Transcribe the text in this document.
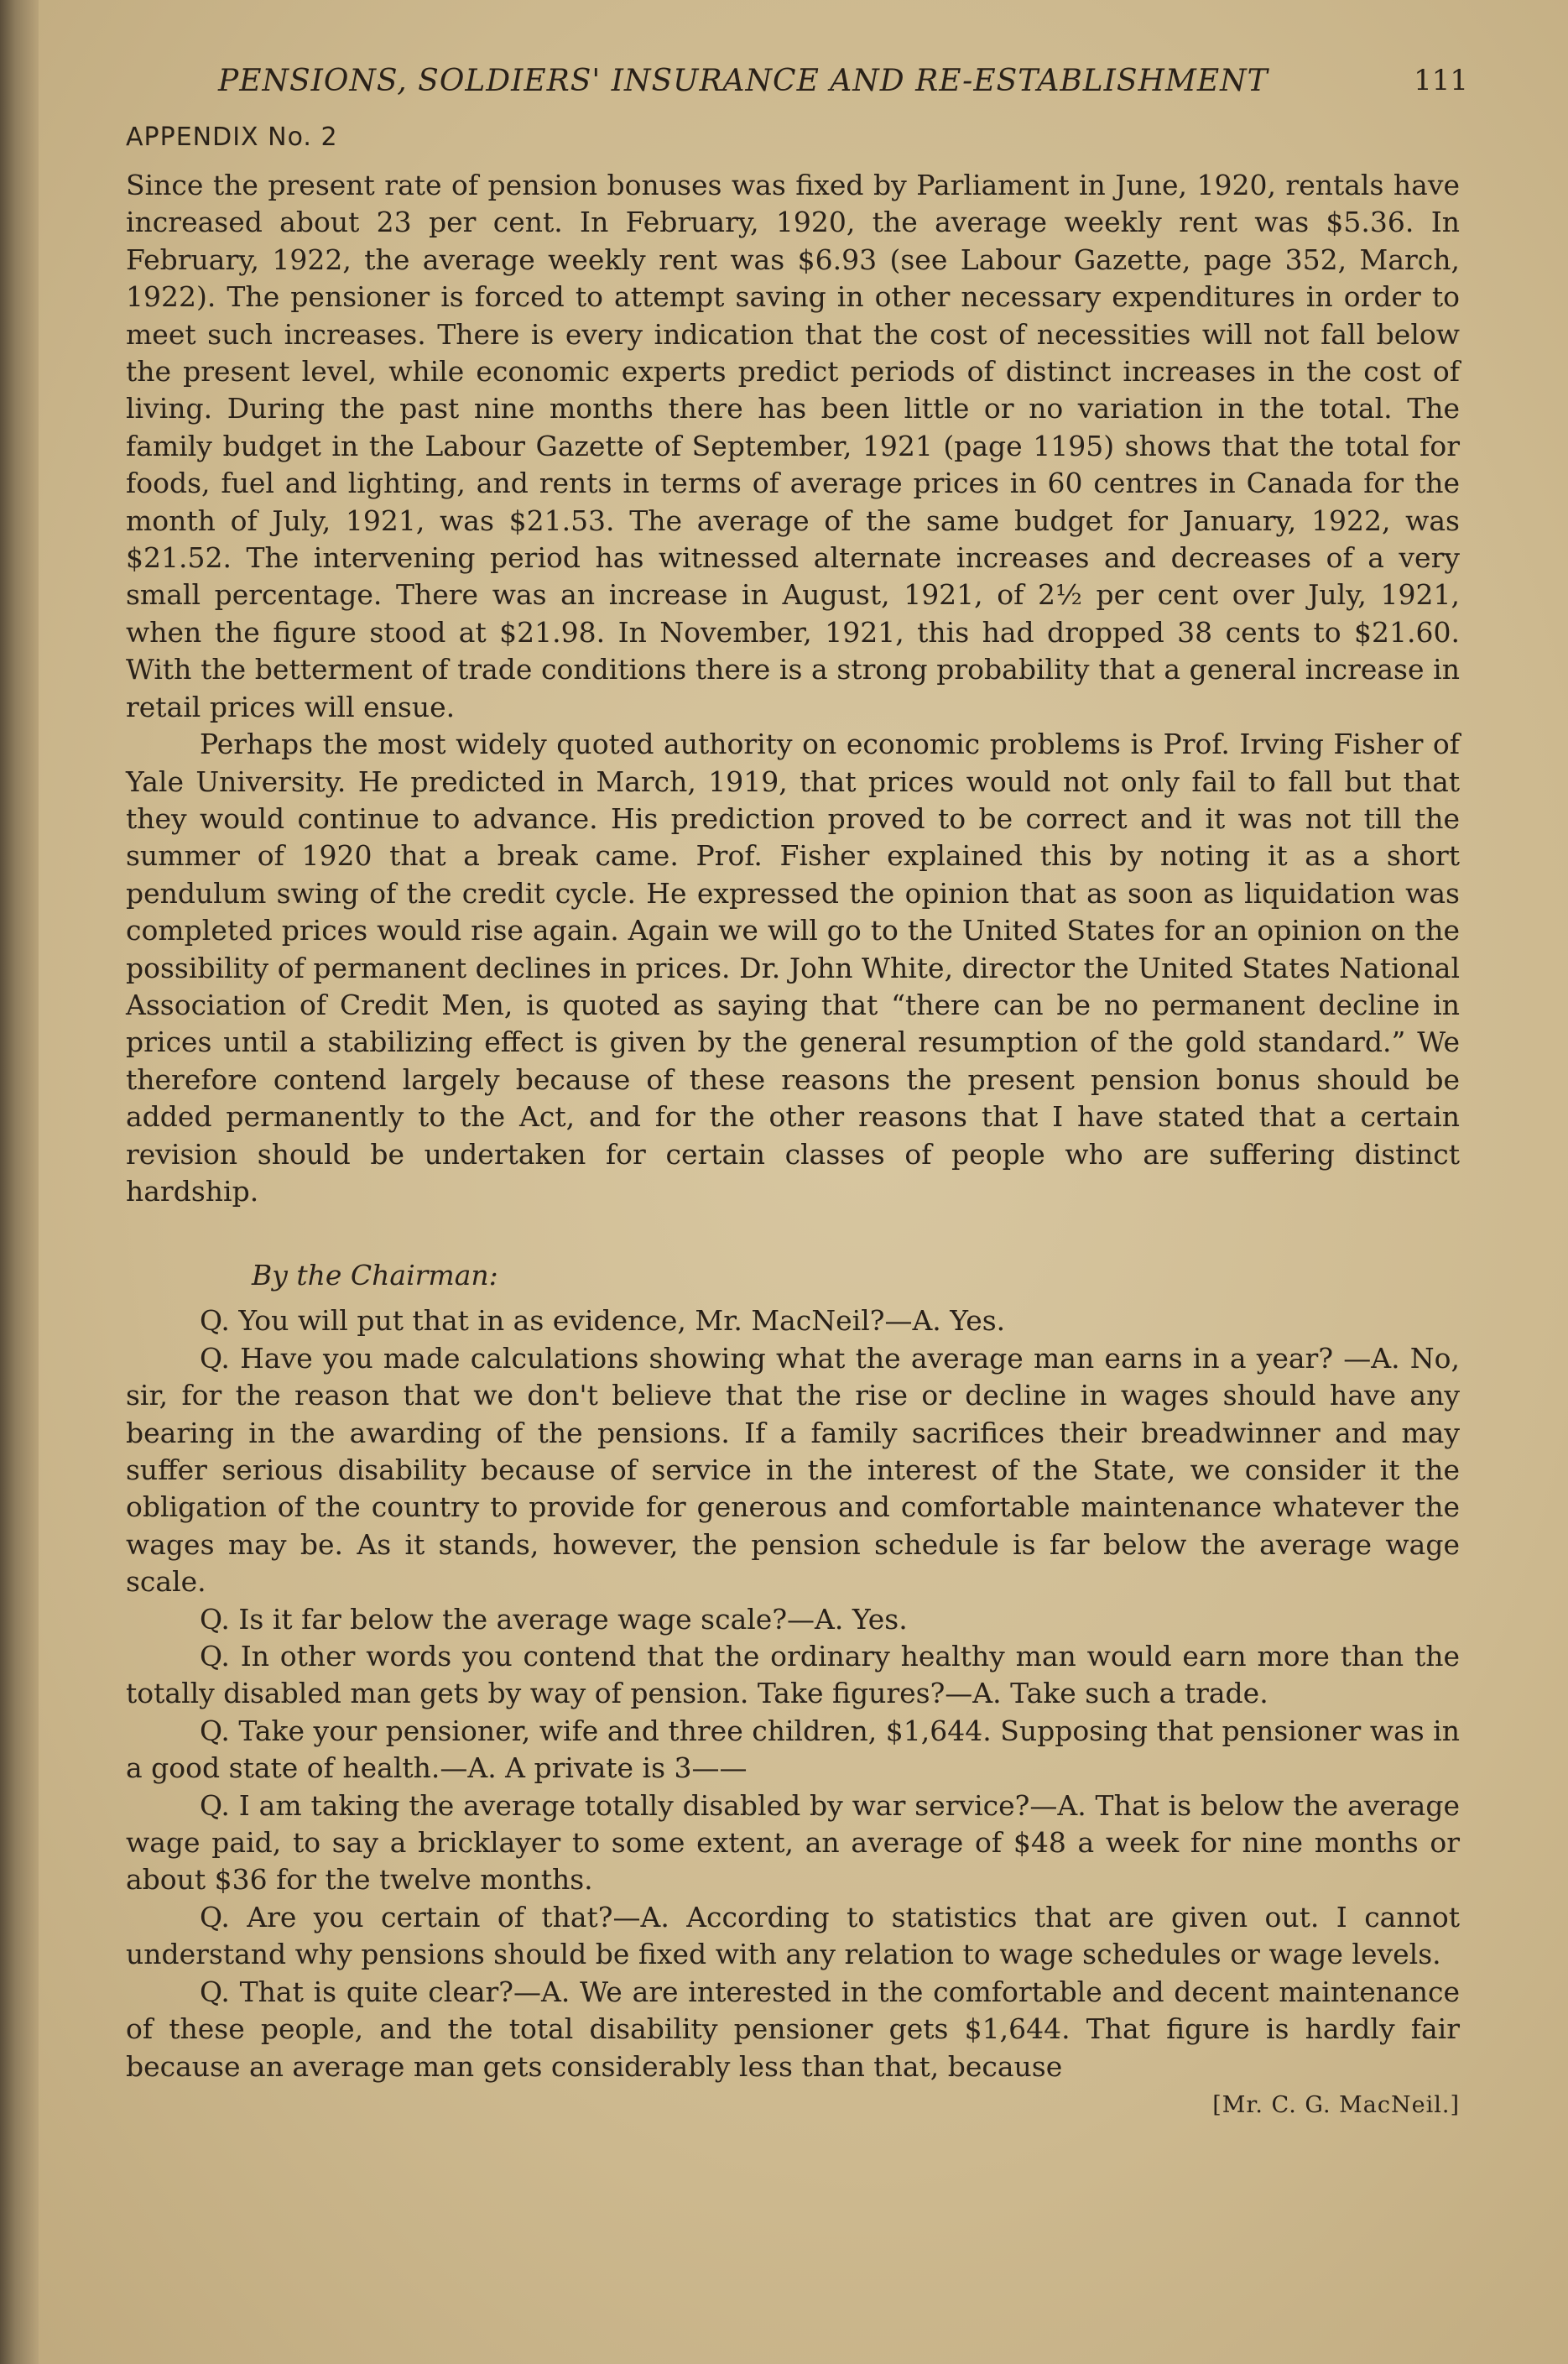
PENSIONS, SOLDIERS' INSURANCE AND RE-ESTABLISHMENT	111
APPENDIX No. 2

Since the present rate of pension bonuses was fixed by Parliament in June, 1920, rentals have increased about 23 per cent. In February, 1920, the average weekly rent was $5.36. In February, 1922, the average weekly rent was $6.93 (see Labour Gazette, page 352, March, 1922). The pensioner is forced to attempt saving in other necessary expenditures in order to meet such increases. There is every indication that the cost of necessities will not fall below the present level, while economic experts predict periods of distinct increases in the cost of living. During the past nine months there has been little or no variation in the total. The family budget in the Labour Gazette of September, 1921 (page 1195) shows that the total for foods, fuel and lighting, and rents in terms of average prices in 60 centres in Canada for the month of July, 1921, was $21.53. The average of the same budget for January, 1922, was $21.52. The intervening period has witnessed alternate increases and decreases of a very small percentage. There was an increase in August, 1921, of 2½ per cent over July, 1921, when the figure stood at $21.98. In November, 1921, this had dropped 38 cents to $21.60. With the betterment of trade conditions there is a strong probability that a general increase in retail prices will ensue.

Perhaps the most widely quoted authority on economic problems is Prof. Irving Fisher of Yale University. He predicted in March, 1919, that prices would not only fail to fall but that they would continue to advance. His prediction proved to be correct and it was not till the summer of 1920 that a break came. Prof. Fisher explained this by noting it as a short pendulum swing of the credit cycle. He expressed the opinion that as soon as liquidation was completed prices would rise again. Again we will go to the United States for an opinion on the possibility of permanent declines in prices. Dr. John White, director the United States National Association of Credit Men, is quoted as saying that “there can be no permanent decline in prices until a stabilizing effect is given by the general resumption of the gold standard.” We therefore contend largely because of these reasons the present pension bonus should be added permanently to the Act, and for the other reasons that I have stated that a certain revision should be undertaken for certain classes of people who are suffering distinct hardship.

By the Chairman:

Q. You will put that in as evidence, Mr. MacNeil?—A. Yes.

Q. Have you made calculations showing what the average man earns in a year? —A. No, sir, for the reason that we don't believe that the rise or decline in wages should have any bearing in the awarding of the pensions. If a family sacrifices their breadwinner and may suffer serious disability because of service in the interest of the State, we consider it the obligation of the country to provide for generous and comfortable maintenance whatever the wages may be. As it stands, however, the pension schedule is far below the average wage scale.

Q. Is it far below the average wage scale?—A. Yes.

Q. In other words you contend that the ordinary healthy man would earn more than the totally disabled man gets by way of pension. Take figures?—A. Take such a trade.

Q. Take your pensioner, wife and three children, $1,644. Supposing that pensioner was in a good state of health.—A. A private is 3——

Q. I am taking the average totally disabled by war service?—A. That is below the average wage paid, to say a bricklayer to some extent, an average of $48 a week for nine months or about $36 for the twelve months.

Q. Are you certain of that?—A. According to statistics that are given out. I cannot understand why pensions should be fixed with any relation to wage schedules or wage levels.

Q. That is quite clear?—A. We are interested in the comfortable and decent maintenance of these people, and the total disability pensioner gets $1,644. That figure is hardly fair because an average man gets considerably less than that, because

[Mr. C. G. MacNeil.]
